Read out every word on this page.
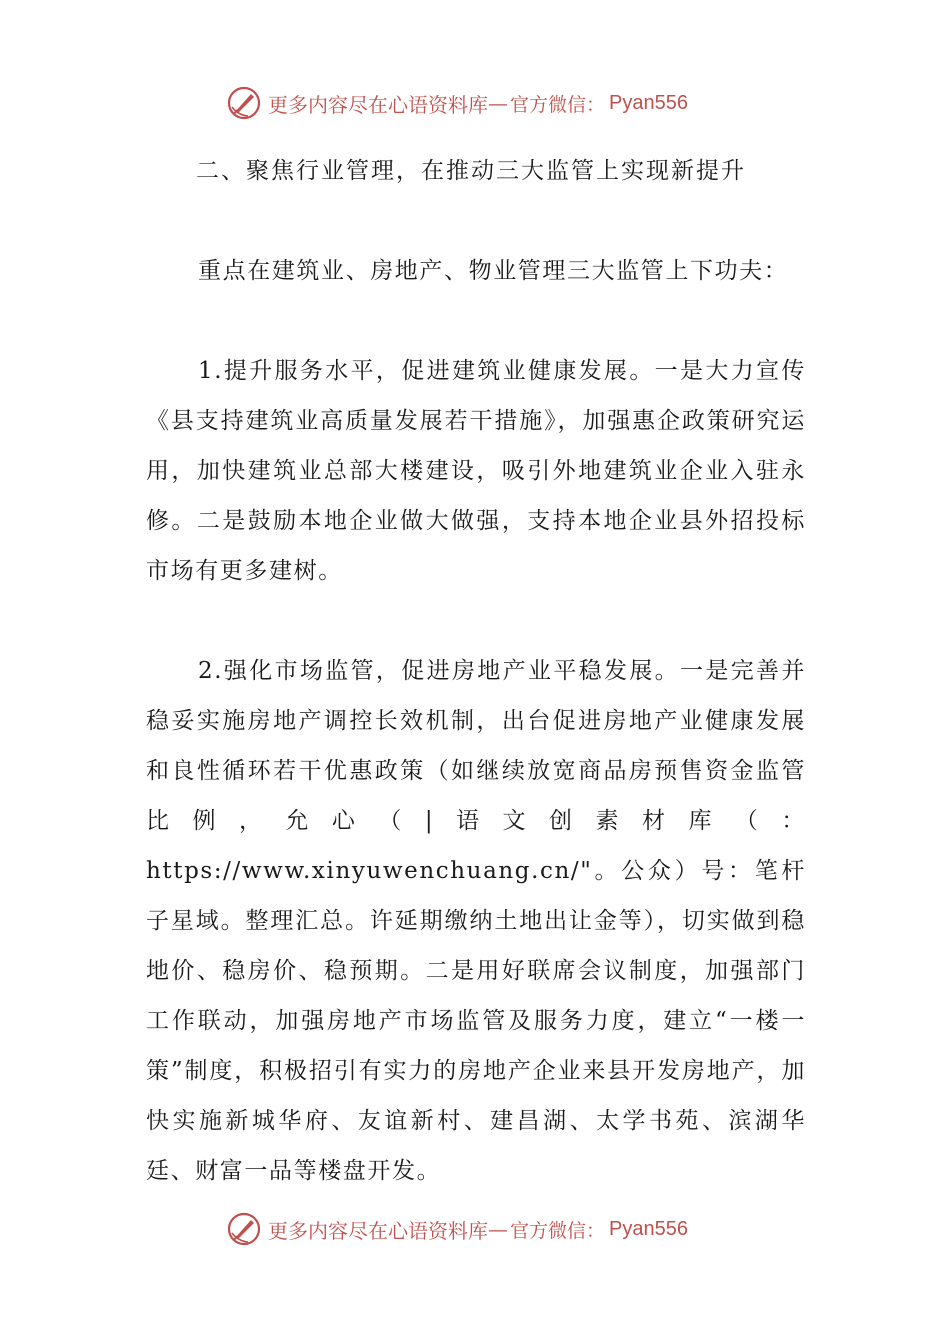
更多内容尽在心语资料库 — 官方微信： Pyan556
二、聚焦行业管理，在推动三大监管上实现新提升
重点在建筑业、房地产、物业管理三大监管上下功夫：
1.提升服务水平，促进建筑业健康发展。一是大力宣传《县支持建筑业高质量发展若干措施》，加强惠企政策研究运用，加快建筑业总部大楼建设，吸引外地建筑业企业入驻永修。二是鼓励本地企业做大做强，支持本地企业县外招投标市场有更多建树。
2.强化市场监管，促进房地产业平稳发展。一是完善并稳妥实施房地产调控长效机制，出台促进房地产业健康发展和良性循环若干优惠政策（如继续放宽商品房预售资金监管比例，允心（|语文创素材库（：https://www.xinyuwenchuang.cn/"。公众）号：笔杆子星域。整理汇总。许延期缴纳土地出让金等），切实做到稳地价、稳房价、稳预期。二是用好联席会议制度，加强部门工作联动，加强房地产市场监管及服务力度，建立“一楼一策”制度，积极招引有实力的房地产企业来县开发房地产，加快实施新城华府、友谊新村、建昌湖、太学书苑、滨湖华廷、财富一品等楼盘开发。
更多内容尽在心语资料库 — 官方微信： Pyan556
